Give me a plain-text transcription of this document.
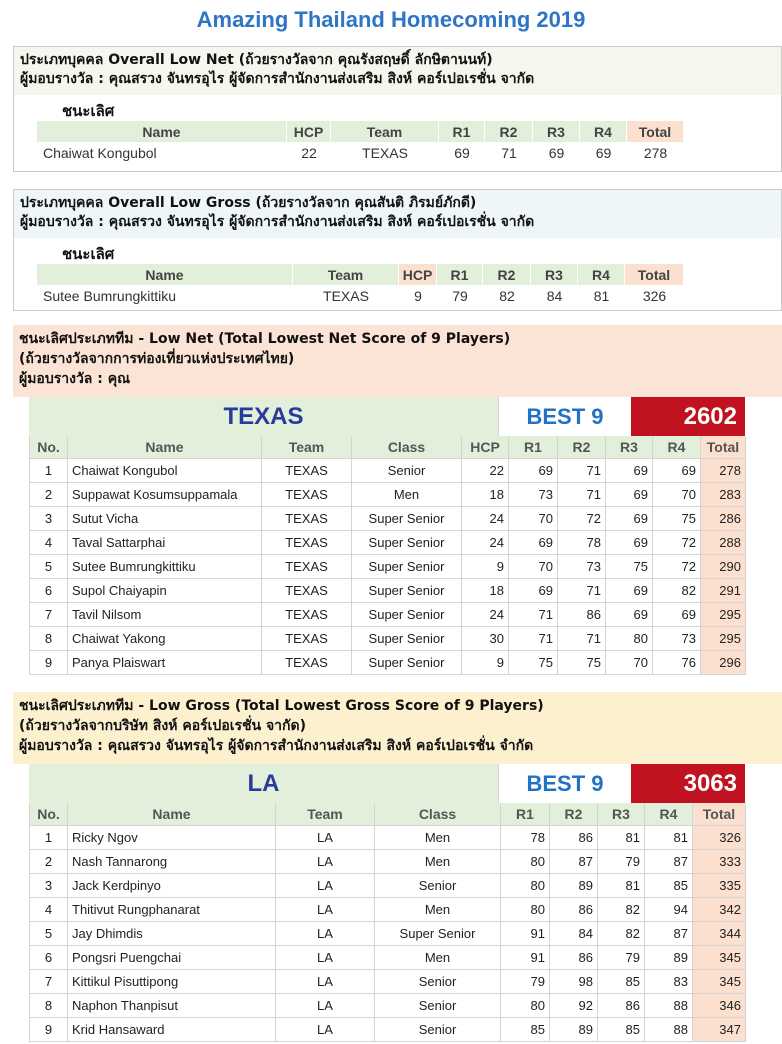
Amazing Thailand Homecoming 2019
ประเภทบุคคล Overall Low Net (ถ้วยรางวัลจาก คุณรังสฤษดิ์ ลักษิตานนท์)
ผู้มอบรางวัล : คุณสรวง จันทรอุไร ผู้จัดการสำนักงานส่งเสริม สิงห์ คอร์เปอเรชั่น จากัด
ชนะเลิศ
Name	HCP	Team	R1	R2	R3	R4	Total
Chaiwat Kongubol	22	TEXAS	69	71	69	69	278
ประเภทบุคคล Overall Low Gross (ถ้วยรางวัลจาก คุณสันติ ภิรมย์ภักดี)
ผู้มอบรางวัล : คุณสรวง จันทรอุไร ผู้จัดการสำนักงานส่งเสริม สิงห์ คอร์เปอเรชั่น จากัด
ชนะเลิศ
Name	Team	HCP	R1	R2	R3	R4	Total
Sutee Bumrungkittiku	TEXAS	9	79	82	84	81	326
ชนะเลิศประเภททีม - Low Net (Total Lowest Net Score of 9 Players)
(ถ้วยรางวัลจากการท่องเที่ยวแห่งประเทศไทย)
ผู้มอบรางวัล : คุณ
TEXAS	BEST 9	2602
No.	Name	Team	Class	HCP	R1	R2	R3	R4	Total
1	Chaiwat Kongubol	TEXAS	Senior	22	69	71	69	69	278
2	Suppawat Kosumsuppamala	TEXAS	Men	18	73	71	69	70	283
3	Sutut Vicha	TEXAS	Super Senior	24	70	72	69	75	286
4	Taval Sattarphai	TEXAS	Super Senior	24	69	78	69	72	288
5	Sutee Bumrungkittiku	TEXAS	Super Senior	9	70	73	75	72	290
6	Supol Chaiyapin	TEXAS	Super Senior	18	69	71	69	82	291
7	Tavil Nilsom	TEXAS	Super Senior	24	71	86	69	69	295
8	Chaiwat Yakong	TEXAS	Super Senior	30	71	71	80	73	295
9	Panya Plaiswart	TEXAS	Super Senior	9	75	75	70	76	296
ชนะเลิศประเภททีม - Low Gross (Total Lowest Gross Score of 9 Players)
(ถ้วยรางวัลจากบริษัท สิงห์ คอร์เปอเรชั่น จากัด)
ผู้มอบรางวัล : คุณสรวง จันทรอุไร ผู้จัดการสำนักงานส่งเสริม สิงห์ คอร์เปอเรชั่น จำกัด
LA	BEST 9	3063
No.	Name	Team	Class	R1	R2	R3	R4	Total
1	Ricky Ngov	LA	Men	78	86	81	81	326
2	Nash Tannarong	LA	Men	80	87	79	87	333
3	Jack Kerdpinyo	LA	Senior	80	89	81	85	335
4	Thitivut Rungphanarat	LA	Men	80	86	82	94	342
5	Jay Dhimdis	LA	Super Senior	91	84	82	87	344
6	Pongsri Puengchai	LA	Men	91	86	79	89	345
7	Kittikul Pisuttipong	LA	Senior	79	98	85	83	345
8	Naphon Thanpisut	LA	Senior	80	92	86	88	346
9	Krid Hansaward	LA	Senior	85	89	85	88	347
